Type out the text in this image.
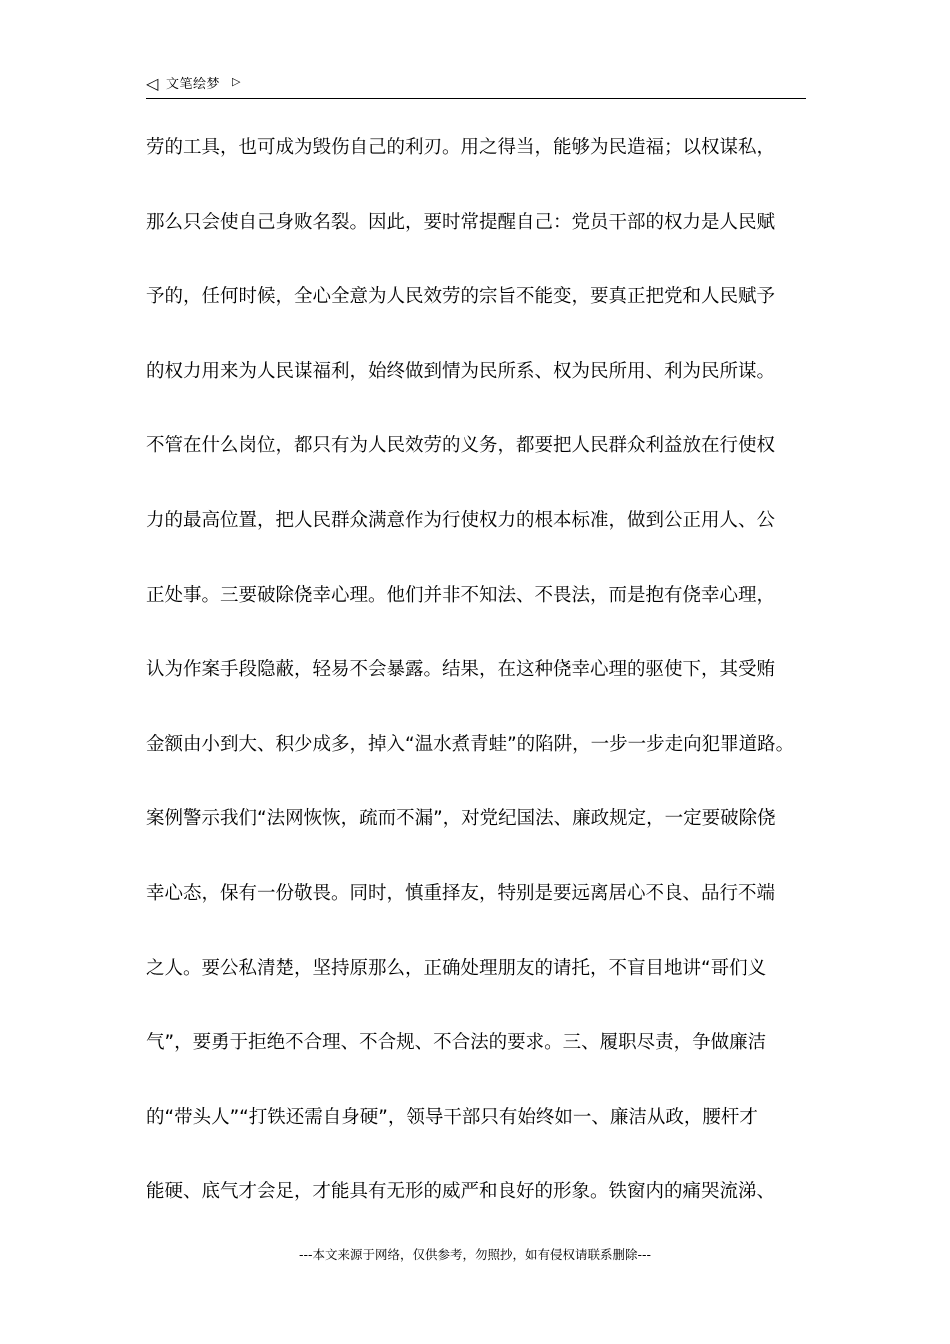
◁ 文笔绘梦 ▷
劳的工具，也可成为毁伤自己的利刃。用之得当，能够为民造福；以权谋私，
那么只会使自己身败名裂。因此，要时常提醒自己：党员干部的权力是人民赋
予的，任何时候，全心全意为人民效劳的宗旨不能变，要真正把党和人民赋予
的权力用来为人民谋福利，始终做到情为民所系、权为民所用、利为民所谋。
不管在什么岗位，都只有为人民效劳的义务，都要把人民群众利益放在行使权
力的最高位置，把人民群众满意作为行使权力的根本标准，做到公正用人、公
正处事。三要破除侥幸心理。他们并非不知法、不畏法，而是抱有侥幸心理，
认为作案手段隐蔽，轻易不会暴露。结果，在这种侥幸心理的驱使下，其受贿
金额由小到大、积少成多，掉入“温水煮青蛙”的陷阱，一步一步走向犯罪道路。
案例警示我们“法网恢恢，疏而不漏”，对党纪国法、廉政规定，一定要破除侥
幸心态，保有一份敬畏。同时，慎重择友，特别是要远离居心不良、品行不端
之人。要公私清楚，坚持原那么，正确处理朋友的请托，不盲目地讲“哥们义
气”，要勇于拒绝不合理、不合规、不合法的要求。三、履职尽责，争做廉洁
的“带头人”“打铁还需自身硬”，领导干部只有始终如一、廉洁从政，腰杆才
能硬、底气才会足，才能具有无形的威严和良好的形象。铁窗内的痛哭流涕、
---本文来源于网络，仅供参考，勿照抄，如有侵权请联系删除---
